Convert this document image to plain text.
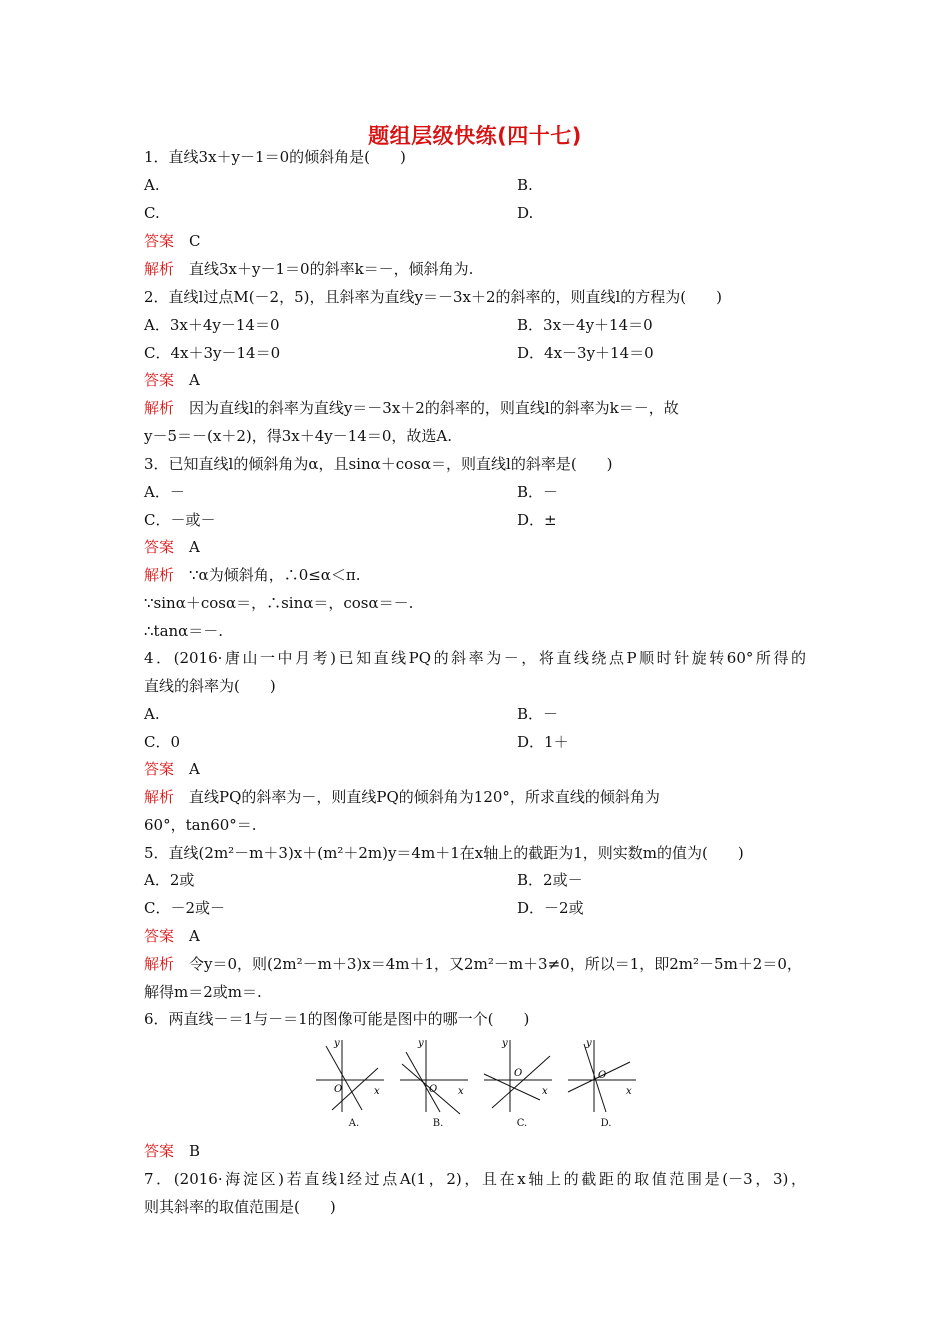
题组层级快练(四十七)
1．直线3x＋y－1＝0的倾斜角是(　　)
A.	B.
C.	D.
答案  C
解析  直线3x＋y－1＝0的斜率k＝－，倾斜角为.
2．直线l过点M(－2，5)，且斜率为直线y＝－3x＋2的斜率的，则直线l的方程为(　　)
A．3x＋4y－14＝0	B．3x－4y＋14＝0
C．4x＋3y－14＝0	D．4x－3y＋14＝0
答案  A
解析  因为直线l的斜率为直线y＝－3x＋2的斜率的，则直线l的斜率为k＝－，故
y－5＝－(x＋2)，得3x＋4y－14＝0，故选A.
3．已知直线l的倾斜角为α，且sinα＋cosα＝，则直线l的斜率是(　　)
A．－	B．－
C．－或－	D．±
答案  A
解析  ∵α为倾斜角，∴0≤α＜π.
∵sinα＋cosα＝，∴sinα＝，cosα＝－.
∴tanα＝－.
4．(2016·唐山一中月考)已知直线PQ的斜率为－，将直线绕点P顺时针旋转60°所得的
直线的斜率为(　　)
A.	B．－
C．0	D．1＋
答案  A
解析  直线PQ的斜率为－，则直线PQ的倾斜角为120°，所求直线的倾斜角为
60°，tan60°＝.
5．直线(2m²－m＋3)x＋(m²＋2m)y＝4m＋1在x轴上的截距为1，则实数m的值为(　　)
A．2或	B．2或－
C．－2或－	D．－2或
答案  A
解析  令y＝0，则(2m²－m＋3)x＝4m＋1，又2m²－m＋3≠0，所以＝1，即2m²－5m＋2＝0，
解得m＝2或m＝.
6．两直线－＝1与－＝1的图像可能是图中的哪一个(　　)
y
x
O
A.
y
x
O
B.
y
x
O
C.
y
x
O
D.
答案  B
7．(2016·海淀区)若直线l经过点A(1，2)，且在x轴上的截距的取值范围是(－3，3)，
则其斜率的取值范围是(　　)
